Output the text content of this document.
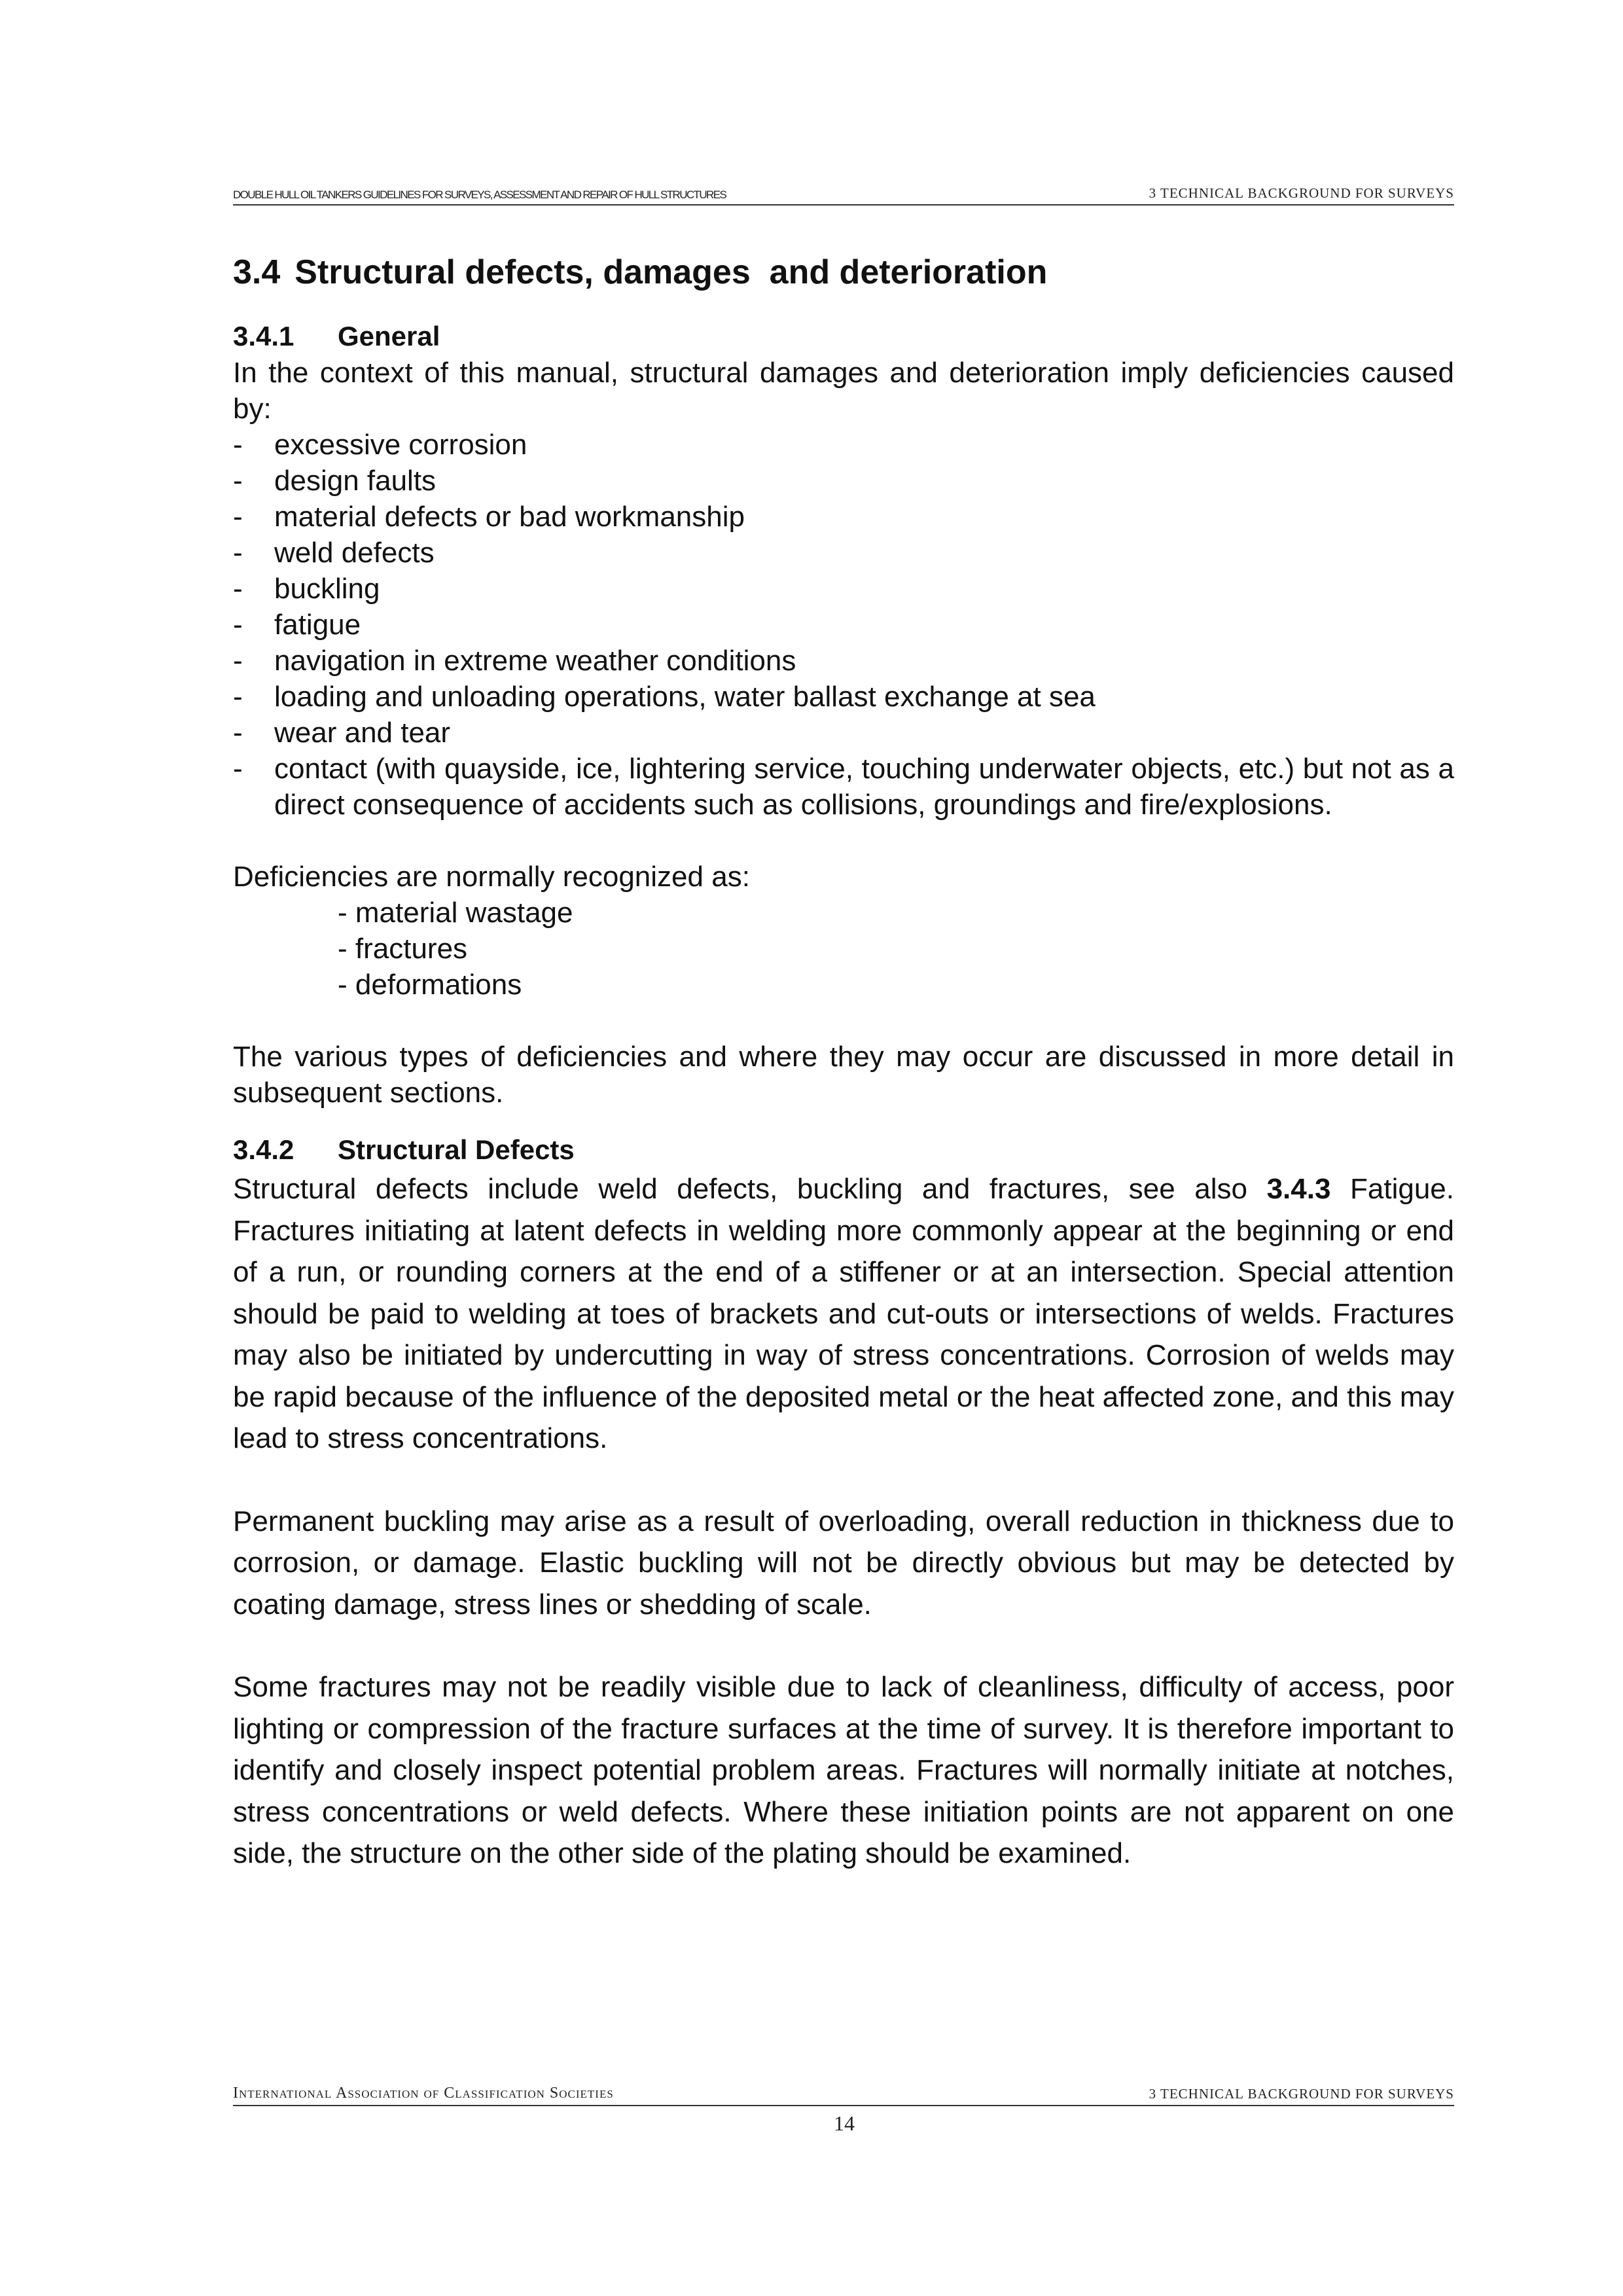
DOUBLE HULL OIL TANKERS GUIDELINES FOR SURVEYS, ASSESSMENT AND REPAIR OF HULL STRUCTURES	3 TECHNICAL BACKGROUND FOR SURVEYS
3.4 Structural defects, damages  and deterioration
3.4.1 General

In the context of this manual, structural damages and deterioration imply deficiencies caused by:

- excessive corrosion
- design faults
- material defects or bad workmanship
- weld defects
- buckling
- fatigue
- navigation in extreme weather conditions
- loading and unloading operations, water ballast exchange at sea
- wear and tear
- contact (with quayside, ice, lightering service, touching underwater objects, etc.) but not as a direct consequence of accidents such as collisions, groundings and fire/explosions.

Deficiencies are normally recognized as:

- material wastage
- fractures
- deformations

The various types of deficiencies and where they may occur are discussed in more detail in subsequent sections.

3.4.2 Structural Defects

Structural defects include weld defects, buckling and fractures, see also 3.4.3 Fatigue. Fractures initiating at latent defects in welding more commonly appear at the beginning or end of a run, or rounding corners at the end of a stiffener or at an intersection. Special attention should be paid to welding at toes of brackets and cut-outs or intersections of welds. Fractures may also be initiated by undercutting in way of stress concentrations. Corrosion of welds may be rapid because of the influence of the deposited metal or the heat affected zone, and this may lead to stress concentrations.

Permanent buckling may arise as a result of overloading, overall reduction in thickness due to corrosion, or damage. Elastic buckling will not be directly obvious but may be detected by coating damage, stress lines or shedding of scale.

Some fractures may not be readily visible due to lack of cleanliness, difficulty of access, poor lighting or compression of the fracture surfaces at the time of survey. It is therefore important to identify and closely inspect potential problem areas. Fractures will normally initiate at notches, stress concentrations or weld defects. Where these initiation points are not apparent on one side, the structure on the other side of the plating should be examined.

International Association of Classification Societies	3 TECHNICAL BACKGROUND FOR SURVEYS
14
